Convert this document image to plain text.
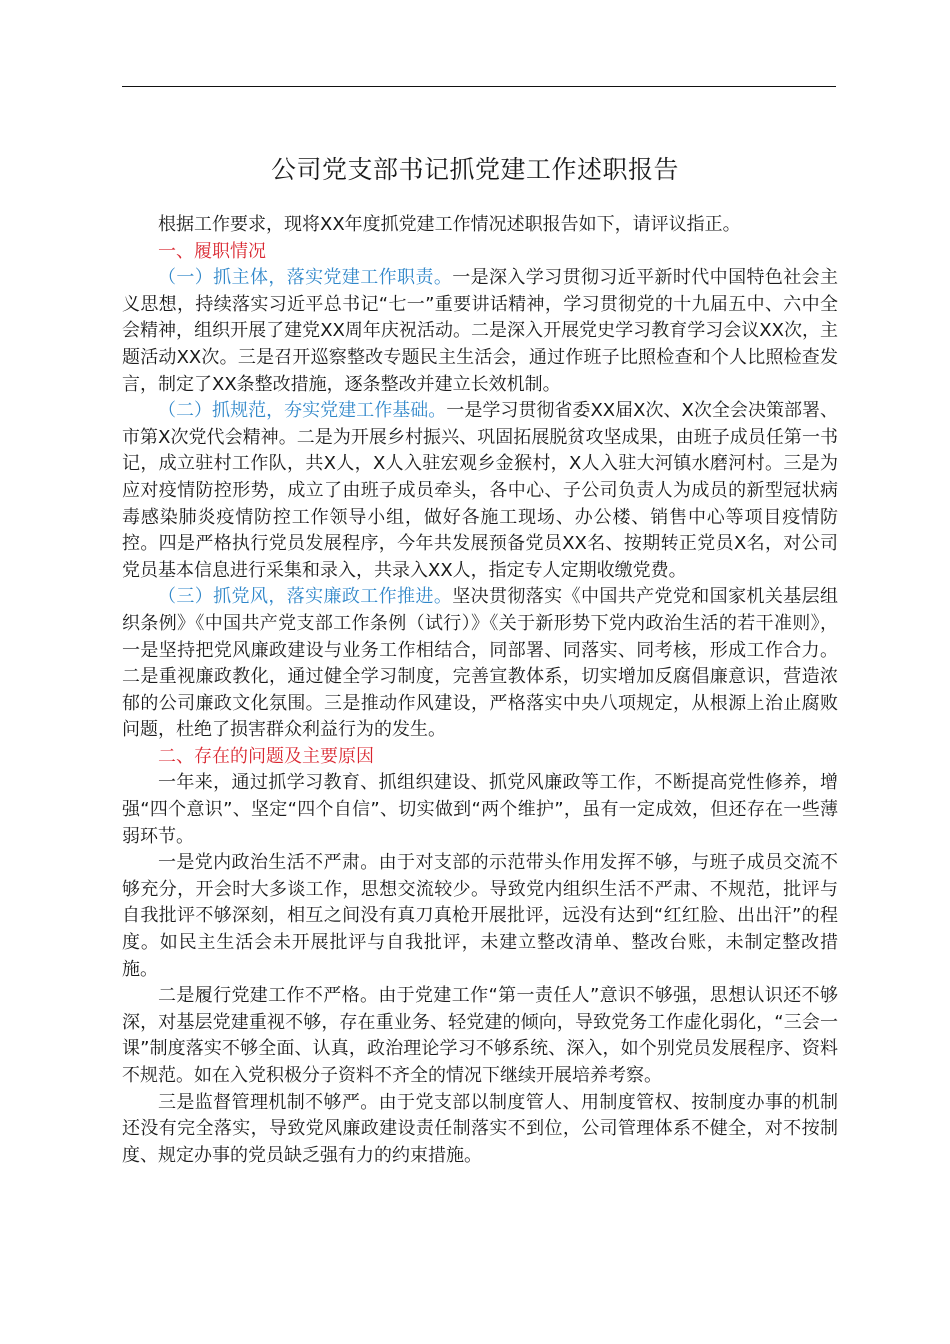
公司党支部书记抓党建工作述职报告

根据工作要求，现将XX年度抓党建工作情况述职报告如下，请评议指正。

一、履职情况

（一）抓主体，落实党建工作职责。一是深入学习贯彻习近平新时代中国特色社会主义思想，持续落实习近平总书记“七一”重要讲话精神，学习贯彻党的十九届五中、六中全会精神，组织开展了建党XX周年庆祝活动。二是深入开展党史学习教育学习会议XX次，主题活动XX次。三是召开巡察整改专题民主生活会，通过作班子比照检查和个人比照检查发言，制定了XX条整改措施，逐条整改并建立长效机制。

（二）抓规范，夯实党建工作基础。一是学习贯彻省委XX届X次、X次全会决策部署、市第X次党代会精神。二是为开展乡村振兴、巩固拓展脱贫攻坚成果，由班子成员任第一书记，成立驻村工作队，共X人，X人入驻宏观乡金猴村，X人入驻大河镇水磨河村。三是为应对疫情防控形势，成立了由班子成员牵头，各中心、子公司负责人为成员的新型冠状病毒感染肺炎疫情防控工作领导小组，做好各施工现场、办公楼、销售中心等项目疫情防控。四是严格执行党员发展程序，今年共发展预备党员XX名、按期转正党员X名，对公司党员基本信息进行采集和录入，共录入XX人，指定专人定期收缴党费。

（三）抓党风，落实廉政工作推进。坚决贯彻落实《中国共产党党和国家机关基层组织条例》《中国共产党支部工作条例（试行）》《关于新形势下党内政治生活的若干准则》，一是坚持把党风廉政建设与业务工作相结合，同部署、同落实、同考核，形成工作合力。二是重视廉政教化，通过健全学习制度，完善宣教体系，切实增加反腐倡廉意识，营造浓郁的公司廉政文化氛围。三是推动作风建设，严格落实中央八项规定，从根源上治止腐败问题，杜绝了损害群众利益行为的发生。

二、存在的问题及主要原因

一年来，通过抓学习教育、抓组织建设、抓党风廉政等工作，不断提高党性修养，增强“四个意识”、坚定“四个自信”、切实做到“两个维护”，虽有一定成效，但还存在一些薄弱环节。

一是党内政治生活不严肃。由于对支部的示范带头作用发挥不够，与班子成员交流不够充分，开会时大多谈工作，思想交流较少。导致党内组织生活不严肃、不规范，批评与自我批评不够深刻，相互之间没有真刀真枪开展批评，远没有达到“红红脸、出出汗”的程度。如民主生活会未开展批评与自我批评，未建立整改清单、整改台账，未制定整改措施。

二是履行党建工作不严格。由于党建工作“第一责任人”意识不够强，思想认识还不够深，对基层党建重视不够，存在重业务、轻党建的倾向，导致党务工作虚化弱化，“三会一课”制度落实不够全面、认真，政治理论学习不够系统、深入，如个别党员发展程序、资料不规范。如在入党积极分子资料不齐全的情况下继续开展培养考察。

三是监督管理机制不够严。由于党支部以制度管人、用制度管权、按制度办事的机制还没有完全落实，导致党风廉政建设责任制落实不到位，公司管理体系不健全，对不按制度、规定办事的党员缺乏强有力的约束措施。
